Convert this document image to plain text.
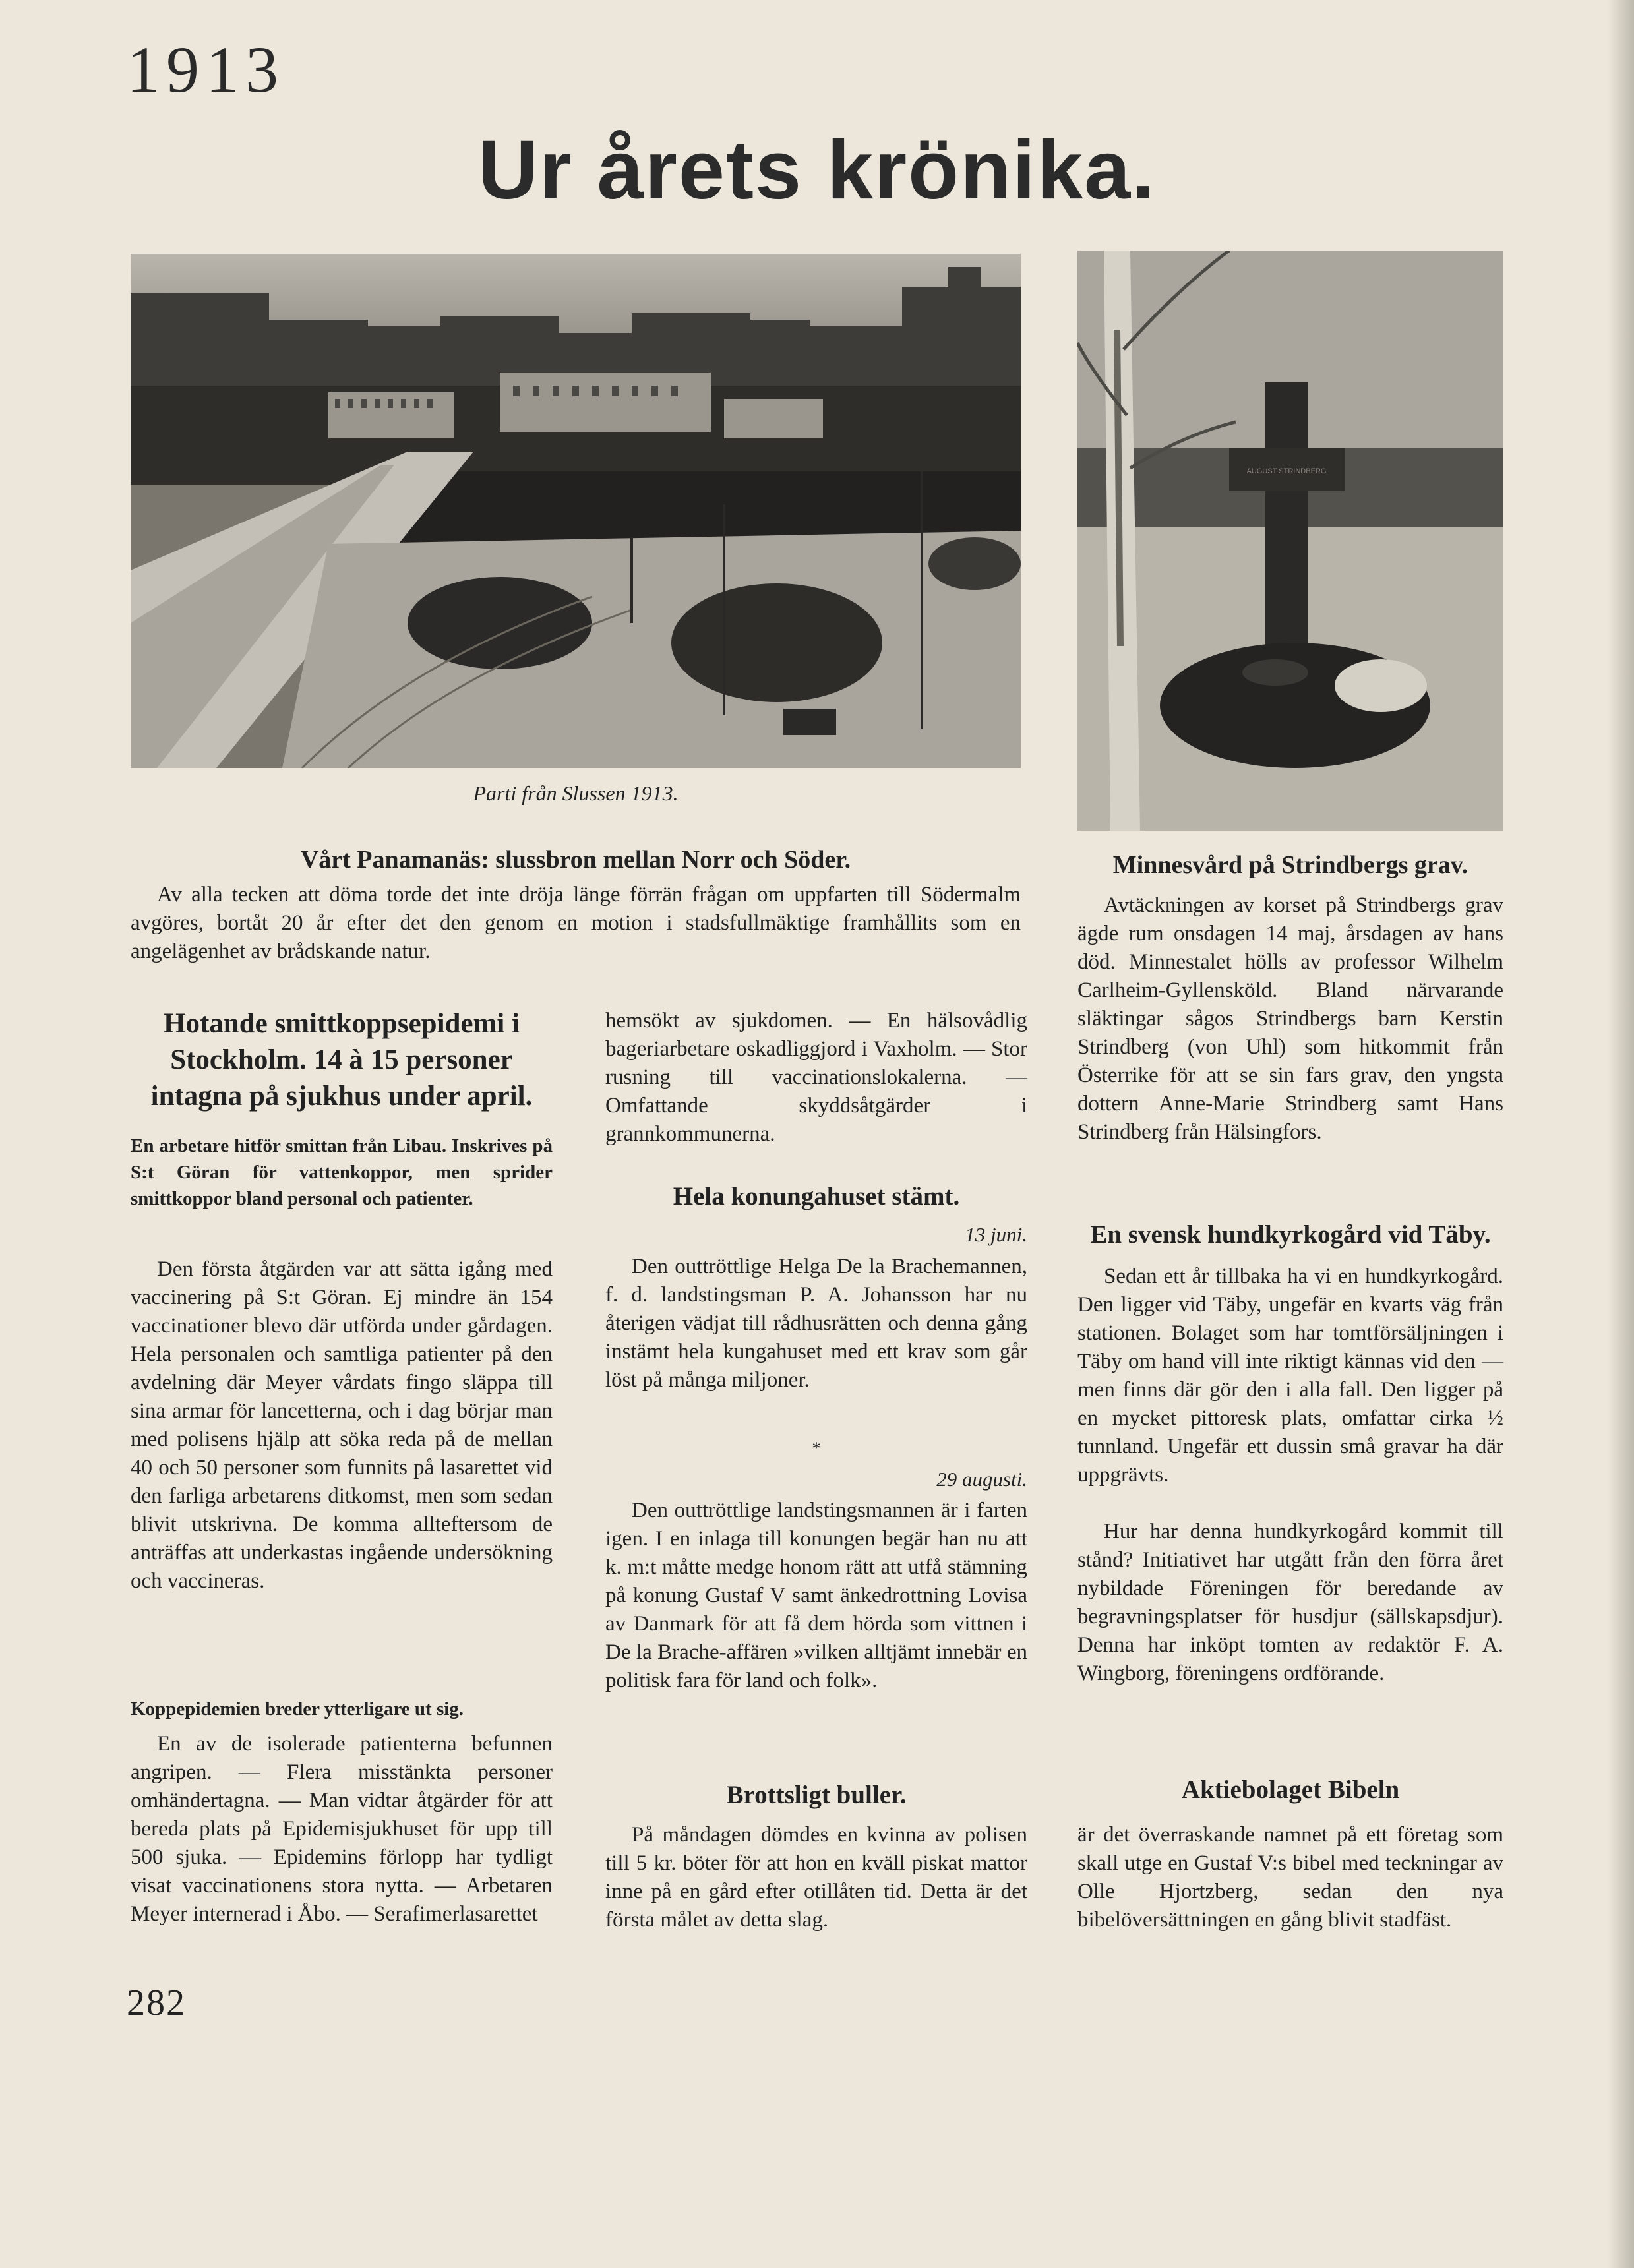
1913
Ur årets krönika.
Parti från Slussen 1913.
AUGUST STRINDBERG
Vårt Panamanäs: slussbron mellan Norr och Söder.

Av alla tecken att döma torde det inte dröja länge förrän frågan om uppfarten till Södermalm avgöres, bortåt 20 år efter det den genom en motion i stadsfullmäktige framhållits som en angelägenhet av brådskande natur.

Hotande smittkoppsepidemi i Stockholm. 14 à 15 personer intagna på sjukhus under april.
En arbetare hitför smittan från Libau. Inskrives på S:t Göran för vattenkoppor, men sprider smittkoppor bland personal och patienter.

Den första åtgärden var att sätta igång med vaccinering på S:t Göran. Ej mindre än 154 vaccinationer blevo där utförda under gårdagen. Hela personalen och samtliga patienter på den avdelning där Meyer vårdats fingo släppa till sina armar för lancetterna, och i dag börjar man med polisens hjälp att söka reda på de mellan 40 och 50 personer som funnits på lasarettet vid den farliga arbetarens ditkomst, men som sedan blivit utskrivna. De komma allteftersom de anträffas att underkastas ingående undersökning och vaccineras.

Koppepidemien breder ytterligare ut sig.

En av de isolerade patienterna befunnen angripen. — Flera misstänkta personer omhändertagna. — Man vidtar åtgärder för att bereda plats på Epidemisjukhuset för upp till 500 sjuka. — Epidemins förlopp har tydligt visat vaccinationens stora nytta. — Arbetaren Meyer internerad i Åbo. — Serafimerlasarettet

hemsökt av sjukdomen. — En hälsovådlig bageriarbetare oskadliggjord i Vaxholm. — Stor rusning till vaccinationslokalerna. — Omfattande skyddsåtgärder i grannkommunerna.

Hela konungahuset stämt.
13 juni.

Den outtröttlige Helga De la Brachemannen, f. d. landstingsman P. A. Johansson har nu återigen vädjat till rådhusrätten och denna gång instämt hela kungahuset med ett krav som går löst på många miljoner.

*
29 augusti.

Den outtröttlige landstingsmannen är i farten igen. I en inlaga till konungen begär han nu att k. m:t måtte medge honom rätt att utfå stämning på konung Gustaf V samt änkedrottning Lovisa av Danmark för att få dem hörda som vittnen i De la Brache-affären »vilken alltjämt innebär en politisk fara för land och folk».

Brottsligt buller.

På måndagen dömdes en kvinna av polisen till 5 kr. böter för att hon en kväll piskat mattor inne på en gård efter otillåten tid. Detta är det första målet av detta slag.

Minnesvård på Strindbergs grav.

Avtäckningen av korset på Strindbergs grav ägde rum onsdagen 14 maj, årsdagen av hans död. Minnestalet hölls av professor Wilhelm Carlheim-Gyllensköld. Bland närvarande släktingar sågos Strindbergs barn Kerstin Strindberg (von Uhl) som hitkommit från Österrike för att se sin fars grav, den yngsta dottern Anne-Marie Strindberg samt Hans Strindberg från Hälsingfors.

En svensk hundkyrkogård vid Täby.

Sedan ett år tillbaka ha vi en hundkyrkogård. Den ligger vid Täby, ungefär en kvarts väg från stationen. Bolaget som har tomtförsäljningen i Täby om hand vill inte riktigt kännas vid den — men finns där gör den i alla fall. Den ligger på en mycket pittoresk plats, omfattar cirka ½ tunnland. Ungefär ett dussin små gravar ha där uppgrävts.

Hur har denna hundkyrkogård kommit till stånd? Initiativet har utgått från den förra året nybildade Föreningen för beredande av begravningsplatser för husdjur (sällskapsdjur). Denna har inköpt tomten av redaktör F. A. Wingborg, föreningens ordförande.

Aktiebolaget Bibeln

är det överraskande namnet på ett företag som skall utge en Gustaf V:s bibel med teckningar av Olle Hjortzberg, sedan den nya bibelöversättningen en gång blivit stadfäst.

282
